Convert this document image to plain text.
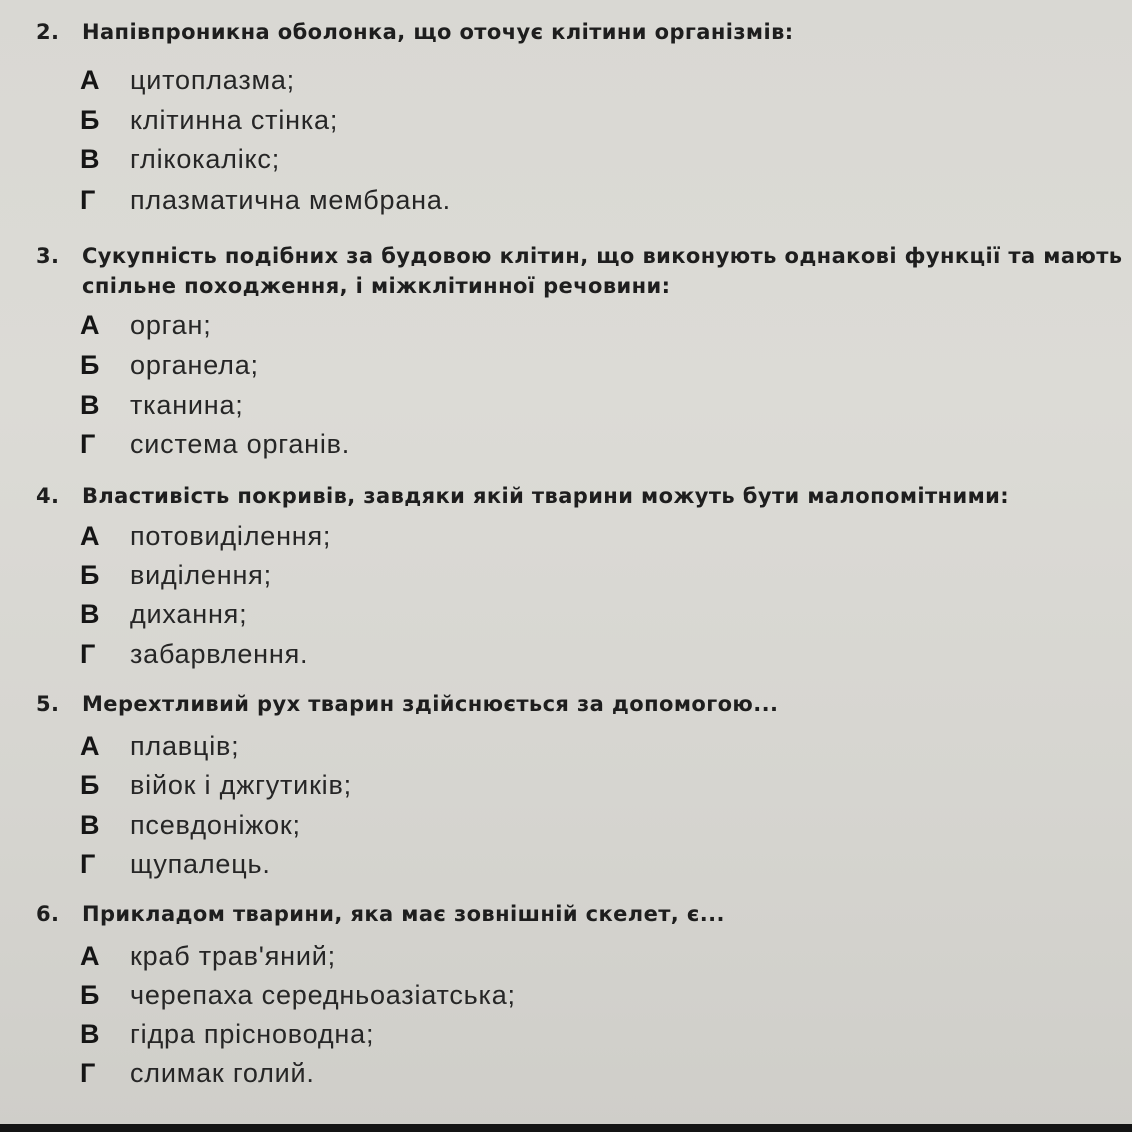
2. Напівпроникна оболонка, що оточує клітини організмів:
А цитоплазма;
Б клітинна стінка;
В глікокалікс;
Г плазматична мембрана.
3. Сукупність подібних за будовою клітин, що виконують однакові функції та мають
спільне походження, і міжклітинної речовини:
А орган;
Б органела;
В тканина;
Г система органів.
4. Властивість покривів, завдяки якій тварини можуть бути малопомітними:
А потовиділення;
Б виділення;
В дихання;
Г забарвлення.
5. Мерехтливий рух тварин здійснюється за допомогою...
А плавців;
Б війок і джгутиків;
В псевдоніжок;
Г щупалець.
6. Прикладом тварини, яка має зовнішній скелет, є...
А краб трав'яний;
Б черепаха середньоазіатська;
В гідра прісноводна;
Г слимак голий.
